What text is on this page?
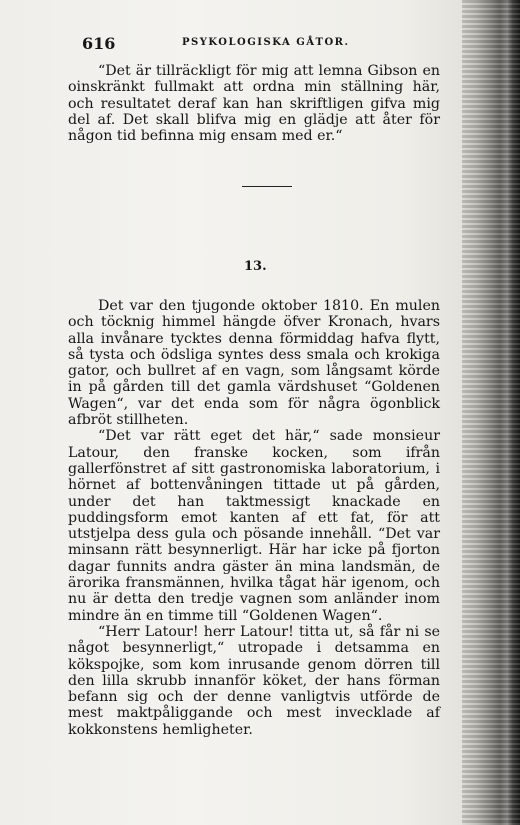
616	PSYKOLOGISKA GÅTOR.

“Det är tillräckligt för mig att lemna Gibson en oinskränkt fullmakt att ordna min ställning här, och resultatet deraf kan han skriftligen gifva mig del af. Det skall blifva mig en glädje att åter för någon tid befinna mig ensam med er.“

13.

Det var den tjugonde oktober 1810. En mulen och töcknig himmel hängde öfver Kronach, hvars alla invånare tycktes denna förmiddag hafva flytt, så tysta och ödsliga syntes dess smala och krokiga gator, och bullret af en vagn, som långsamt körde in på gården till det gamla värdshuset “Goldenen Wagen“, var det enda som för några ögonblick afbröt stillheten.

“Det var rätt eget det här,“ sade monsieur Latour, den franske kocken, som ifrån gallerfönstret af sitt gastronomiska laboratorium, i hörnet af bottenvåningen tittade ut på gården, under det han taktmessigt knackade en puddingsform emot kanten af ett fat, för att utstjelpa dess gula och pösande innehåll. “Det var minsann rätt besynnerligt. Här har icke på fjorton dagar funnits andra gäster än mina landsmän, de ärorika fransmännen, hvilka tågat här igenom, och nu är detta den tredje vagnen som anländer inom mindre än en timme till “Goldenen Wagen“.

“Herr Latour! herr Latour! titta ut, så får ni se något besynnerligt,“ utropade i detsamma en kökspojke, som kom inrusande genom dörren till den lilla skrubb innanför köket, der hans förman befann sig och der denne vanligtvis utförde de mest maktpåliggande och mest invecklade af kokkonstens hemligheter.
